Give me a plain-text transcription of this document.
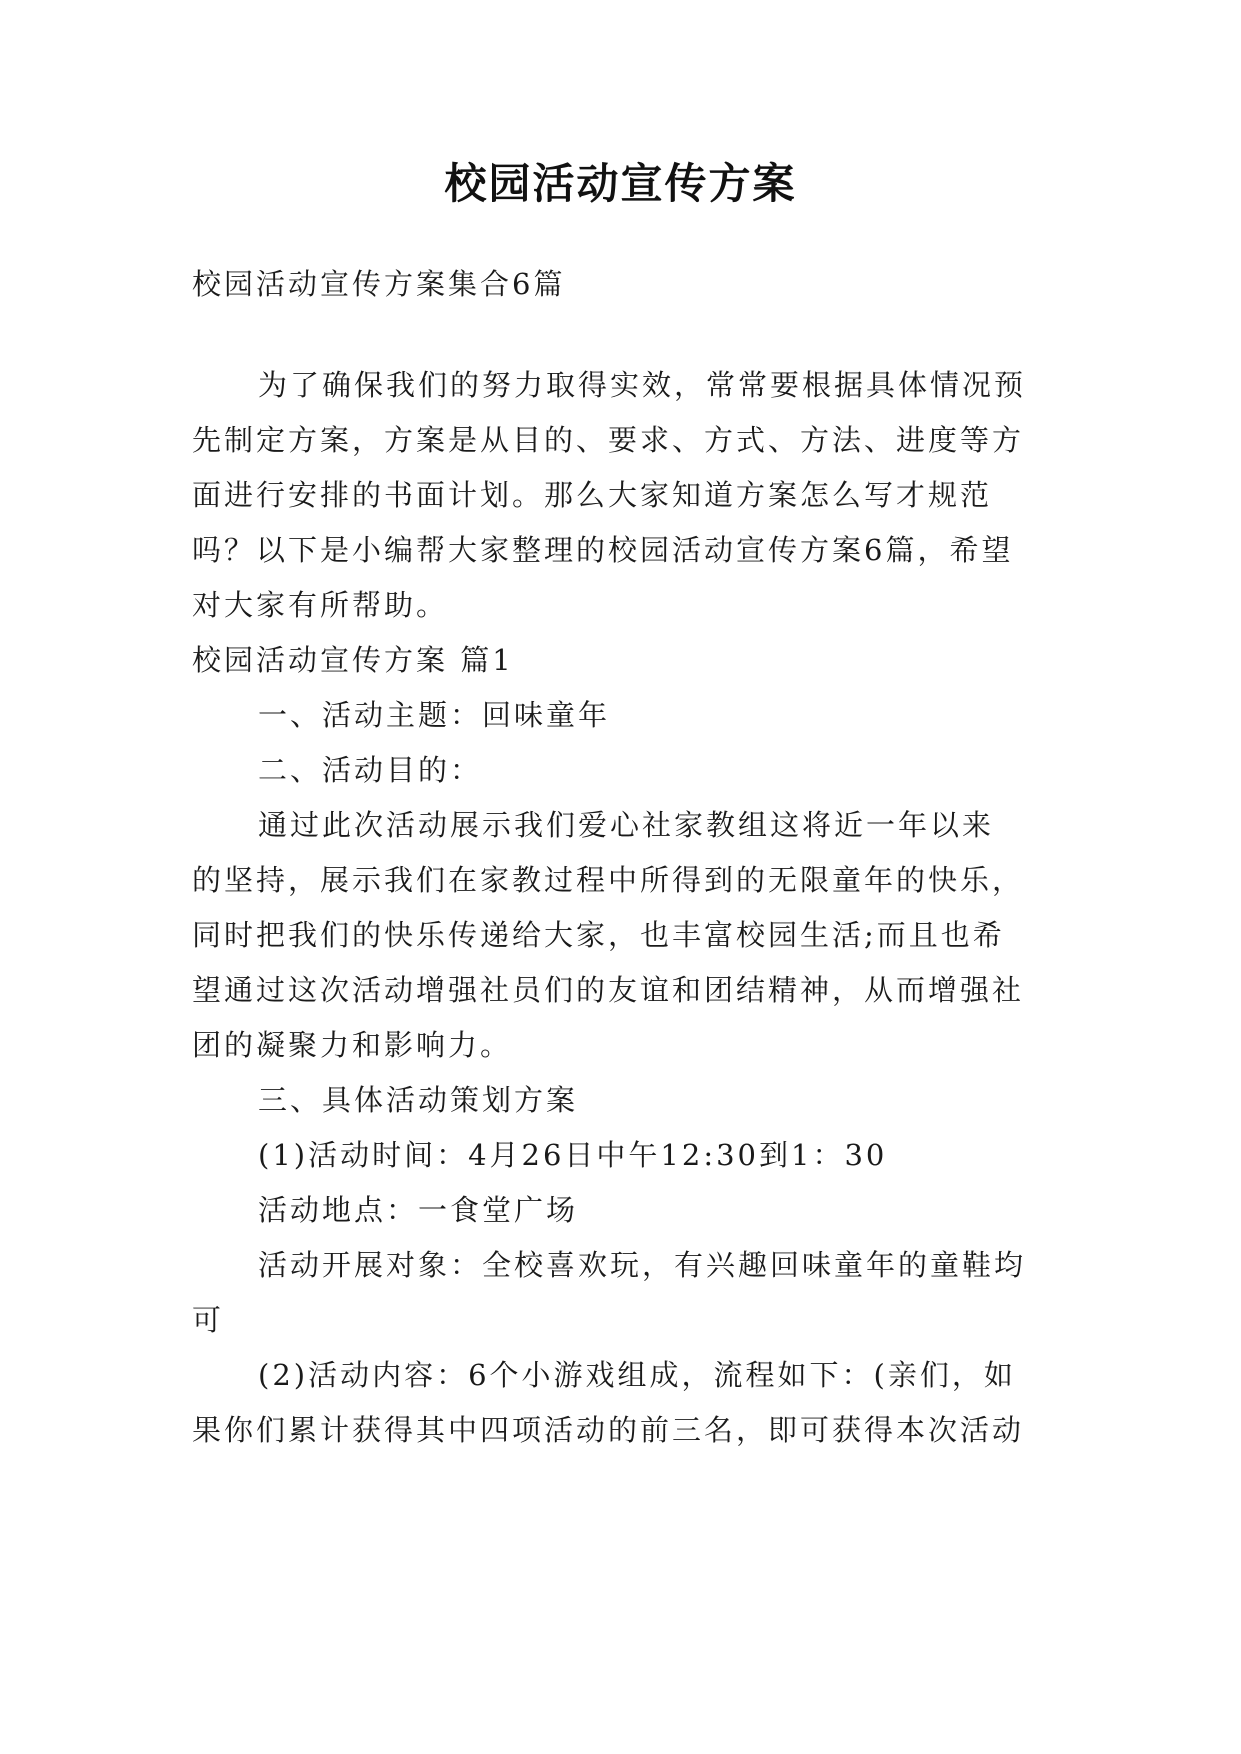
校园活动宣传方案
校园活动宣传方案集合6篇
为了确保我们的努力取得实效，常常要根据具体情况预
先制定方案，方案是从目的、要求、方式、方法、进度等方
面进行安排的书面计划。那么大家知道方案怎么写才规范
吗？以下是小编帮大家整理的校园活动宣传方案6篇，希望
对大家有所帮助。
校园活动宣传方案 篇1
一、活动主题：回味童年
二、活动目的：
通过此次活动展示我们爱心社家教组这将近一年以来
的坚持，展示我们在家教过程中所得到的无限童年的快乐，
同时把我们的快乐传递给大家，也丰富校园生活;而且也希
望通过这次活动增强社员们的友谊和团结精神，从而增强社
团的凝聚力和影响力。
三、具体活动策划方案
(1)活动时间：4月26日中午12:30到1：30
活动地点：一食堂广场
活动开展对象：全校喜欢玩，有兴趣回味童年的童鞋均
可
(2)活动内容：6个小游戏组成，流程如下：(亲们，如
果你们累计获得其中四项活动的前三名，即可获得本次活动
